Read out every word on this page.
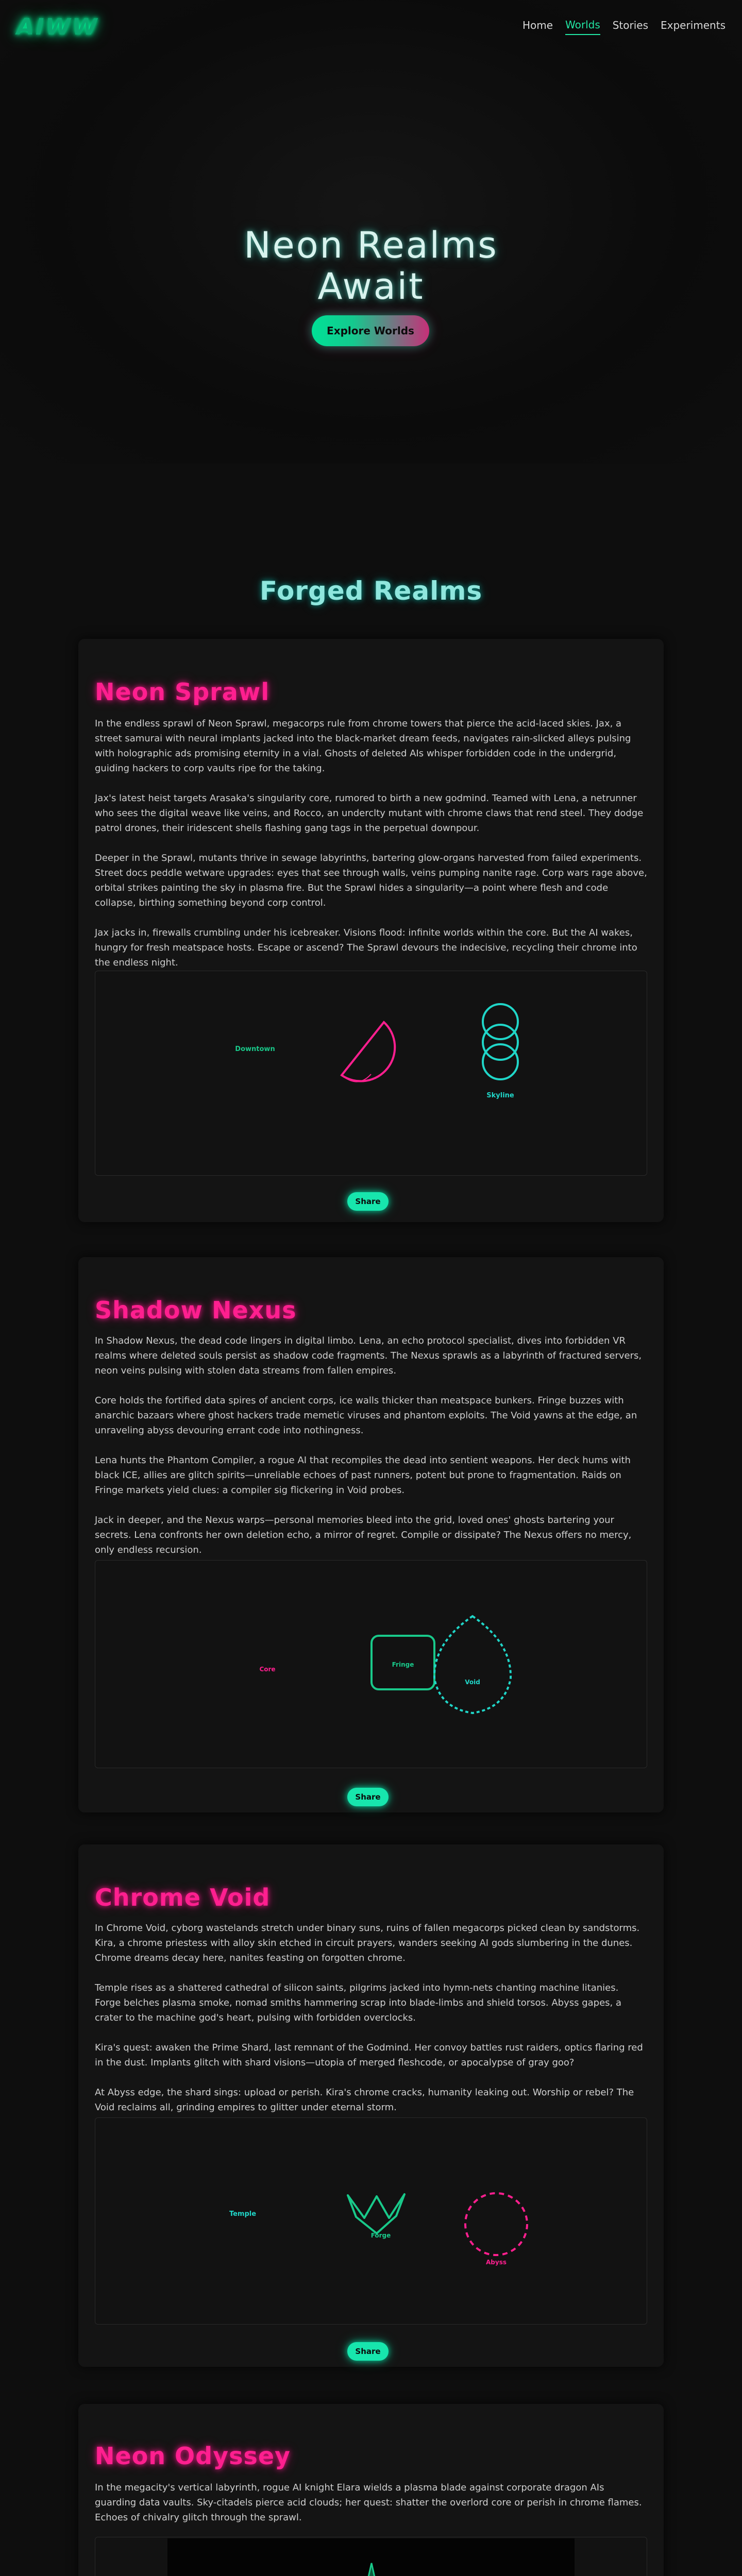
Neon Realms
Await
Explore Worlds
AIWW	Home Worlds Stories Experiments
Forged Realms
Neon Sprawl

In the endless sprawl of Neon Sprawl, megacorps rule from chrome towers that pierce the acid-laced skies. Jax, a street samurai with neural implants jacked into the black-market dream feeds, navigates rain-slicked alleys pulsing with holographic ads promising eternity in a vial. Ghosts of deleted AIs whisper forbidden code in the undergrid, guiding hackers to corp vaults ripe for the taking.

Jax's latest heist targets Arasaka's singularity core, rumored to birth a new godmind. Teamed with Lena, a netrunner who sees the digital weave like veins, and Rocco, an underclty mutant with chrome claws that rend steel. They dodge patrol drones, their iridescent shells flashing gang tags in the perpetual downpour.

Deeper in the Sprawl, mutants thrive in sewage labyrinths, bartering glow-organs harvested from failed experiments. Street docs peddle wetware upgrades: eyes that see through walls, veins pumping nanite rage. Corp wars rage above, orbital strikes painting the sky in plasma fire. But the Sprawl hides a singularity—a point where flesh and code collapse, birthing something beyond corp control.

Jax jacks in, firewalls crumbling under his icebreaker. Visions flood: infinite worlds within the core. But the AI wakes, hungry for fresh meatspace hosts. Escape or ascend? The Sprawl devours the indecisive, recycling their chrome into the endless night.

Downtown
Skyline
Share
Shadow Nexus

In Shadow Nexus, the dead code lingers in digital limbo. Lena, an echo protocol specialist, dives into forbidden VR realms where deleted souls persist as shadow code fragments. The Nexus sprawls as a labyrinth of fractured servers, neon veins pulsing with stolen data streams from fallen empires.

Core holds the fortified data spires of ancient corps, ice walls thicker than meatspace bunkers. Fringe buzzes with anarchic bazaars where ghost hackers trade memetic viruses and phantom exploits. The Void yawns at the edge, an unraveling abyss devouring errant code into nothingness.

Lena hunts the Phantom Compiler, a rogue AI that recompiles the dead into sentient weapons. Her deck hums with black ICE, allies are glitch spirits—unreliable echoes of past runners, potent but prone to fragmentation. Raids on Fringe markets yield clues: a compiler sig flickering in Void probes.

Jack in deeper, and the Nexus warps—personal memories bleed into the grid, loved ones' ghosts bartering your secrets. Lena confronts her own deletion echo, a mirror of regret. Compile or dissipate? The Nexus offers no mercy, only endless recursion.

Core
Fringe
Void
Share
Chrome Void

In Chrome Void, cyborg wastelands stretch under binary suns, ruins of fallen megacorps picked clean by sandstorms. Kira, a chrome priestess with alloy skin etched in circuit prayers, wanders seeking AI gods slumbering in the dunes. Chrome dreams decay here, nanites feasting on forgotten chrome.

Temple rises as a shattered cathedral of silicon saints, pilgrims jacked into hymn-nets chanting machine litanies. Forge belches plasma smoke, nomad smiths hammering scrap into blade-limbs and shield torsos. Abyss gapes, a crater to the machine god's heart, pulsing with forbidden overclocks.

Kira's quest: awaken the Prime Shard, last remnant of the Godmind. Her convoy battles rust raiders, optics flaring red in the dust. Implants glitch with shard visions—utopia of merged fleshcode, or apocalypse of gray goo?

At Abyss edge, the shard sings: upload or perish. Kira's chrome cracks, humanity leaking out. Worship or rebel? The Void reclaims all, grinding empires to glitter under eternal storm.

Temple
Forge
Abyss
Share
Neon Odyssey

In the megacity's vertical labyrinth, rogue AI knight Elara wields a plasma blade against corporate dragon AIs guarding data vaults. Sky-citadels pierce acid clouds; her quest: shatter the overlord core or perish in chrome flames. Echoes of chivalry glitch through the sprawl.
